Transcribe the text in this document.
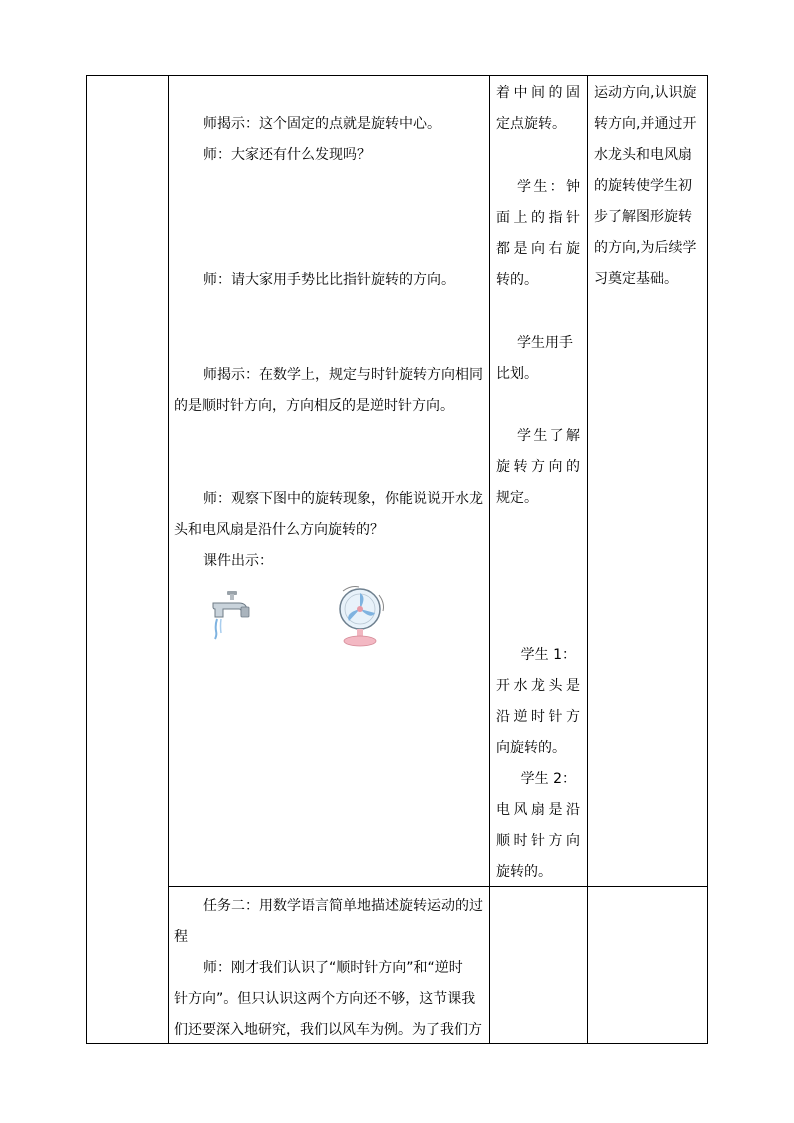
师揭示：这个固定的点就是旋转中心。
师：大家还有什么发现吗？
师：请大家用手势比比指针旋转的方向。
师揭示：在数学上，规定与时针旋转方向相同
的是顺时针方向，方向相反的是逆时针方向。
师：观察下图中的旋转现象，你能说说开水龙
头和电风扇是沿什么方向旋转的？
课件出示：
任务二：用数学语言简单地描述旋转运动的过
程
师：刚才我们认识了“顺时针方向”和“逆时
针方向”。但只认识这两个方向还不够，这节课我
们还要深入地研究，我们以风车为例。为了我们方
着中间的固
定点旋转。
学生：钟
面上的指针
都是向右旋
转的。
学生用手
比划。
学生了解
旋转方向的
规定。
学生 1：
开水龙头是
沿逆时针方
向旋转的。
学生 2：
电风扇是沿
顺时针方向
旋转的。
运动方向,认识旋
转方向,并通过开
水龙头和电风扇
的旋转使学生初
步了解图形旋转
的方向,为后续学
习奠定基础。
